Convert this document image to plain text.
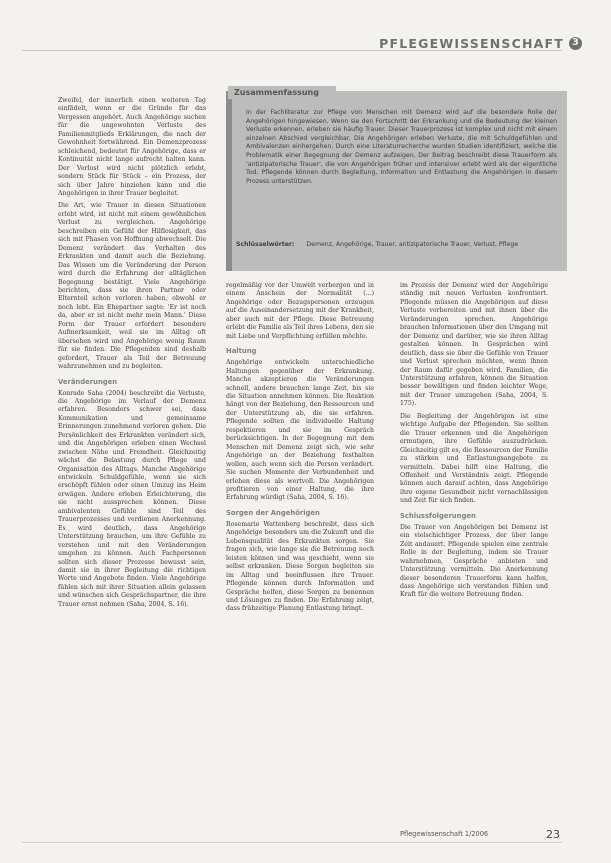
PFLEGEWISSENSCHAFT 3
In der Fachliteratur zur Pflege von Menschen mit Demenz wird auf die besondere Rolle der Angehörigen hingewiesen. Wenn sie den Fortschritt der Erkrankung und die Bedeutung der kleinen Verluste erkennen, erleben sie häufig Trauer. Dieser Trauerprozess ist komplex und nicht mit einem einzelnen Abschied vergleichbar. Die Angehörigen erleben Verluste, die mit Schuldgefühlen und Ambivalenzen einhergehen. Durch eine Literaturrecherche wurden Studien identifiziert, welche die Problematik einer Begegnung der Demenz aufzeigen. Der Beitrag beschreibt diese Trauerform als 'antizipatorische Trauer', die von Angehörigen früher und intensiver erlebt wird als der eigentliche Tod. Pflegende können durch Begleitung, Information und Entlastung die Angehörigen in diesem Prozess unterstützen.
Zusammenfassung
Schlüsselwörter: Demenz, Angehörige, Trauer, antizipatorische Trauer, Verlust, Pflege
Zweifel, der innerlich einen weiteren Tag einfädelt, wenn er die Gründe für das Vergessen angehört. Auch Angehörige suchen für die ungewohnten Verluste des Familienmitglieds Erklärungen, die nach der Gewohnheit fortwährend. Ein Demenzprozess schleichend, bedeutet für Angehörige, dass er Kontinuität nicht lange aufrecht halten kann. Der Verlust wird nicht plötzlich erlebt, sondern Stück für Stück – ein Prozess, der sich über Jahre hinziehen kann und die Angehörigen in ihrer Trauer begleitet.
Die Art, wie Trauer in diesen Situationen erlebt wird, ist nicht mit einem gewöhnlichen Verlust zu vergleichen. Angehörige beschreiben ein Gefühl der Hilflosigkeit, das sich mit Phasen von Hoffnung abwechselt. Die Demenz verändert das Verhalten des Erkrankten und damit auch die Beziehung. Das Wissen um die Veränderung der Person wird durch die Erfahrung der alltäglichen Begegnung bestätigt. Viele Angehörige berichten, dass sie ihren Partner oder Elternteil schon verloren haben, obwohl er noch lebt. Ein Ehepartner sagte: 'Er ist noch da, aber er ist nicht mehr mein Mann.' Diese Form der Trauer erfordert besondere Aufmerksamkeit, weil sie im Alltag oft übersehen wird und Angehörige wenig Raum für sie finden. Die Pflegenden sind deshalb gefordert, Trauer als Teil der Betreuung wahrzunehmen und zu begleiten.
Veränderungen
Konrade Saha (2004) beschreibt die Verluste, die Angehörige im Verlauf der Demenz erfahren. Besonders schwer sei, dass Kommunikation und gemeinsame Erinnerungen zunehmend verloren gehen. Die Persönlichkeit des Erkrankten verändert sich, und die Angehörigen erleben einen Wechsel zwischen Nähe und Fremdheit. Gleichzeitig wächst die Belastung durch Pflege und Organisation des Alltags. Manche Angehörige entwickeln Schuldgefühle, wenn sie sich erschöpft fühlen oder einen Umzug ins Heim erwägen. Andere erleben Erleichterung, die sie nicht aussprechen können. Diese ambivalenten Gefühle sind Teil des Trauerprozesses und verdienen Anerkennung. Es wird deutlich, dass Angehörige Unterstützung brauchen, um ihre Gefühle zu verstehen und mit den Veränderungen umgehen zu können. Auch Fachpersonen sollten sich dieser Prozesse bewusst sein, damit sie in ihrer Begleitung die richtigen Worte und Angebote finden. Viele Angehörige fühlen sich mit ihrer Situation allein gelassen und wünschen sich Gesprächspartner, die ihre Trauer ernst nehmen (Saha, 2004, S. 16).
regelmäßig vor der Umwelt verbergen und in einem Anschein der Normalität (...) Angehörige oder Bezugspersonen erzeugen auf die Auseinandersetzung mit der Krankheit, aber auch mit der Pflege. Diese Betreuung erlebt die Familie als Teil ihres Lebens, den sie mit Liebe und Verpflichtung erfüllen möchte.
Haltung
Angehörige entwickeln unterschiedliche Haltungen gegenüber der Erkrankung. Manche akzeptieren die Veränderungen schnell, andere brauchen lange Zeit, bis sie die Situation annehmen können. Die Reaktion hängt von der Beziehung, den Ressourcen und der Unterstützung ab, die sie erfahren. Pflegende sollten die individuelle Haltung respektieren und sie im Gespräch berücksichtigen. In der Begegnung mit dem Menschen mit Demenz zeigt sich, wie sehr Angehörige an der Beziehung festhalten wollen, auch wenn sich die Person verändert. Sie suchen Momente der Verbundenheit und erleben diese als wertvoll. Die Angehörigen profitieren von einer Haltung, die ihre Erfahrung würdigt (Saha, 2004, S. 16).
Sorgen der Angehörigen
Rosemarie Wattenberg beschreibt, dass sich Angehörige besonders um die Zukunft und die Lebensqualität des Erkrankten sorgen. Sie fragen sich, wie lange sie die Betreuung noch leisten können und was geschieht, wenn sie selbst erkranken. Diese Sorgen begleiten sie im Alltag und beeinflussen ihre Trauer. Pflegende können durch Information und Gespräche helfen, diese Sorgen zu benennen und Lösungen zu finden. Die Erfahrung zeigt, dass frühzeitige Planung Entlastung bringt.
im Prozess der Demenz wird der Angehörige ständig mit neuen Verlusten konfrontiert. Pflegende müssen die Angehörigen auf diese Verluste vorbereiten und mit ihnen über die Veränderungen sprechen. Angehörige brauchen Informationen über den Umgang mit der Demenz und darüber, wie sie ihren Alltag gestalten können. In Gesprächen wird deutlich, dass sie über die Gefühle von Trauer und Verlust sprechen möchten, wenn ihnen der Raum dafür gegeben wird. Familien, die Unterstützung erfahren, können die Situation besser bewältigen und finden leichter Wege, mit der Trauer umzugehen (Saha, 2004, S. 175).
Die Begleitung der Angehörigen ist eine wichtige Aufgabe der Pflegenden. Sie sollten die Trauer erkennen und die Angehörigen ermutigen, ihre Gefühle auszudrücken. Gleichzeitig gilt es, die Ressourcen der Familie zu stärken und Entlastungsangebote zu vermitteln. Dabei hilft eine Haltung, die Offenheit und Verständnis zeigt. Pflegende können auch darauf achten, dass Angehörige ihre eigene Gesundheit nicht vernachlässigen und Zeit für sich finden.
Schlussfolgerungen
Die Trauer von Angehörigen bei Demenz ist ein vielschichtiger Prozess, der über lange Zeit andauert. Pflegende spielen eine zentrale Rolle in der Begleitung, indem sie Trauer wahrnehmen, Gespräche anbieten und Unterstützung vermitteln. Die Anerkennung dieser besonderen Trauerform kann helfen, dass Angehörige sich verstanden fühlen und Kraft für die weitere Betreuung finden.
Pflegewissenschaft 1/2006	23
